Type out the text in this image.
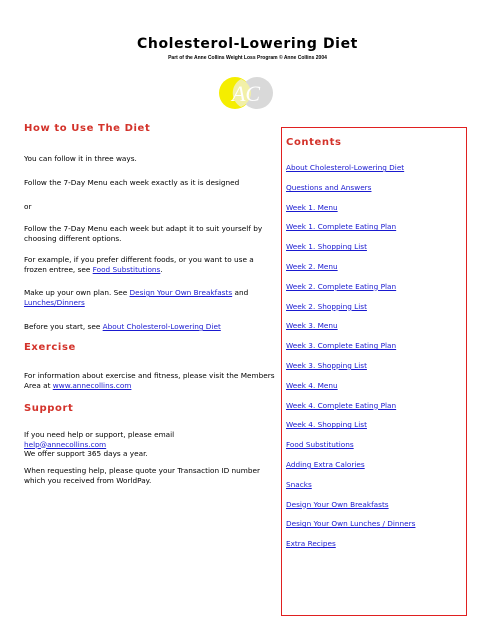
Cholesterol-Lowering Diet
Part of the Anne Collins Weight Loss Program © Anne Collins 2004
AC
How to Use The Diet
You can follow it in three ways.
Follow the 7-Day Menu each week exactly as it is designed
or
Follow the 7-Day Menu each week but adapt it to suit yourself by choosing different options.
For example, if you prefer different foods, or you want to use a frozen entree, see Food Substitutions.
Make up your own plan. See Design Your Own Breakfasts and
Lunches/Dinners
Before you start, see About Cholesterol-Lowering Diet
Exercise
For information about exercise and fitness, please visit the Members Area at www.annecollins.com
Support
If you need help or support, please email
help@annecollins.com
We offer support 365 days a year.
When requesting help, please quote your Transaction ID number which you received from WorldPay.
Contents
About Cholesterol-Lowering Diet
Questions and Answers
Week 1. Menu
Week 1. Complete Eating Plan
Week 1. Shopping List
Week 2. Menu
Week 2. Complete Eating Plan
Week 2. Shopping List
Week 3. Menu
Week 3. Complete Eating Plan
Week 3. Shopping List
Week 4. Menu
Week 4. Complete Eating Plan
Week 4. Shopping List
Food Substitutions
Adding Extra Calories
Snacks
Design Your Own Breakfasts
Design Your Own Lunches / Dinners
Extra Recipes
